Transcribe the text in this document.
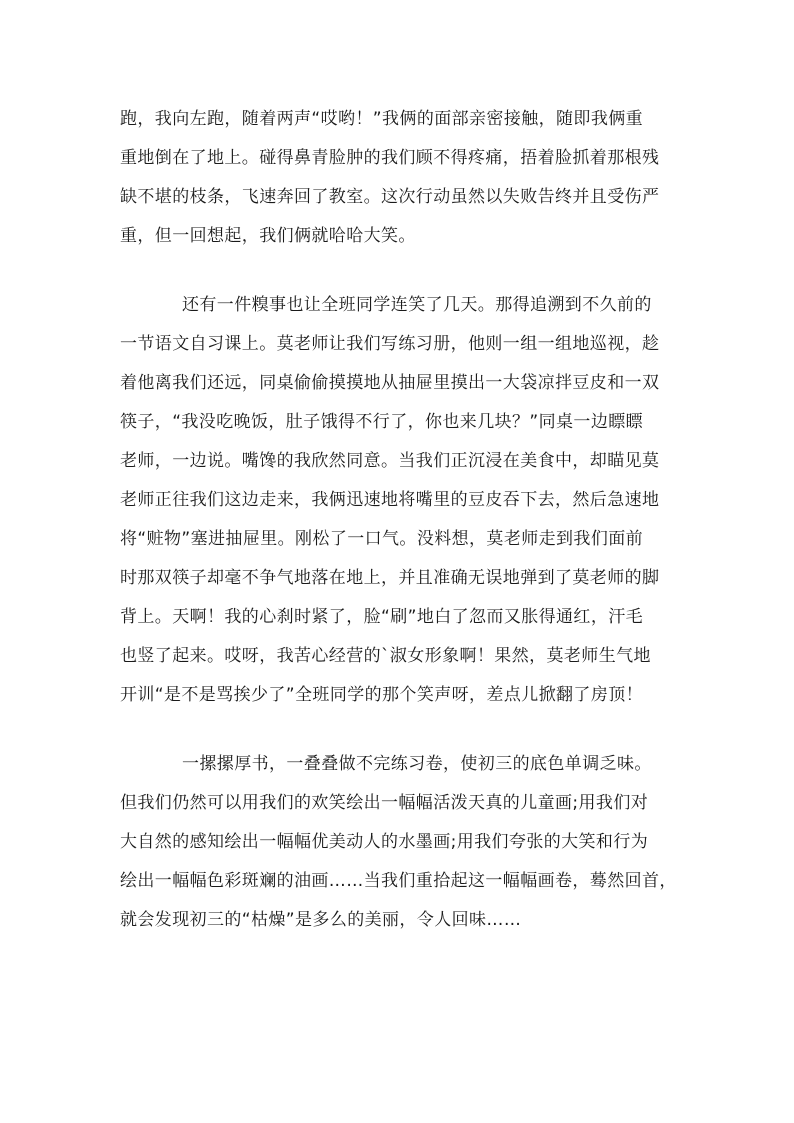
跑，我向左跑，随着两声“哎哟！”我俩的面部亲密接触，随即我俩重
重地倒在了地上。碰得鼻青脸肿的我们顾不得疼痛，捂着脸抓着那根残
缺不堪的枝条，飞速奔回了教室。这次行动虽然以失败告终并且受伤严
重，但一回想起，我们俩就哈哈大笑。
还有一件糗事也让全班同学连笑了几天。那得追溯到不久前的
一节语文自习课上。莫老师让我们写练习册，他则一组一组地巡视，趁
着他离我们还远，同桌偷偷摸摸地从抽屉里摸出一大袋凉拌豆皮和一双
筷子，“我没吃晚饭，肚子饿得不行了，你也来几块？”同桌一边瞟瞟
老师，一边说。嘴馋的我欣然同意。当我们正沉浸在美食中，却瞄见莫
老师正往我们这边走来，我俩迅速地将嘴里的豆皮吞下去，然后急速地
将“赃物”塞进抽屉里。刚松了一口气。没料想，莫老师走到我们面前
时那双筷子却毫不争气地落在地上，并且准确无误地弹到了莫老师的脚
背上。天啊！我的心刹时紧了，脸“刷”地白了忽而又胀得通红，汗毛
也竖了起来。哎呀，我苦心经营的`淑女形象啊！果然，莫老师生气地
开训“是不是骂挨少了”全班同学的那个笑声呀，差点儿掀翻了房顶！
一摞摞厚书，一叠叠做不完练习卷，使初三的底色单调乏味。
但我们仍然可以用我们的欢笑绘出一幅幅活泼天真的儿童画;用我们对
大自然的感知绘出一幅幅优美动人的水墨画;用我们夸张的大笑和行为
绘出一幅幅色彩斑斓的油画……当我们重拾起这一幅幅画卷，蓦然回首，
就会发现初三的“枯燥”是多么的美丽，令人回味……
